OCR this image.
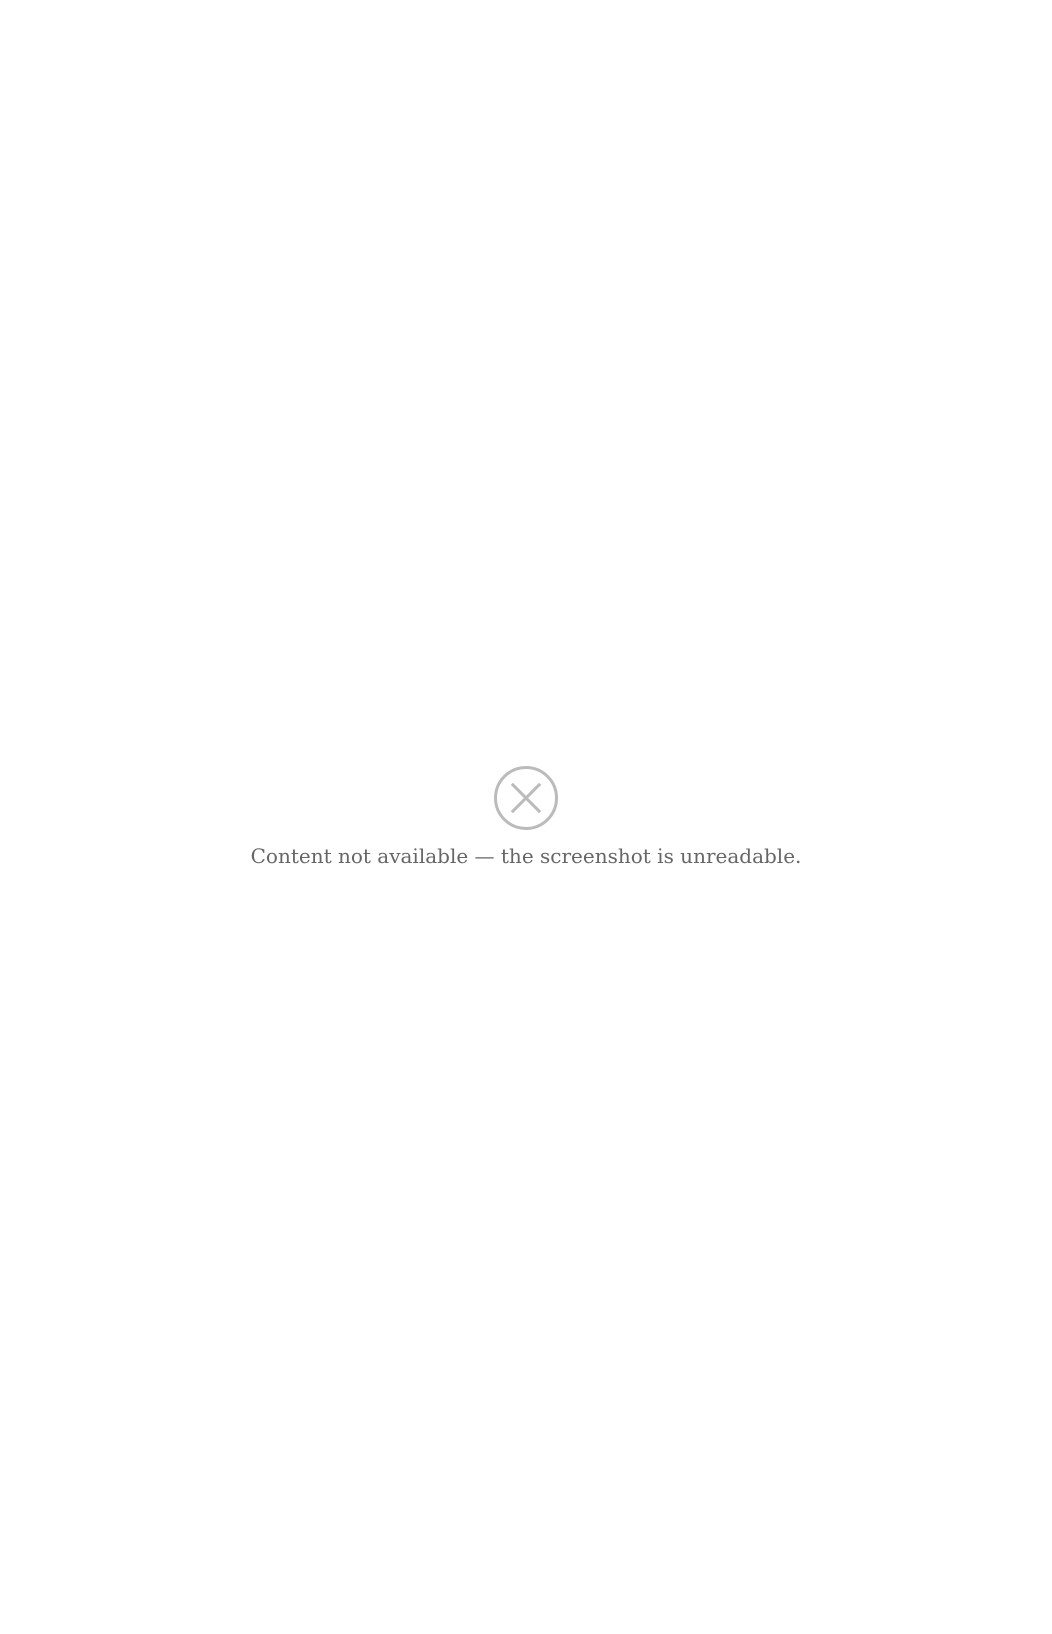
Content not available — the screenshot is unreadable.
